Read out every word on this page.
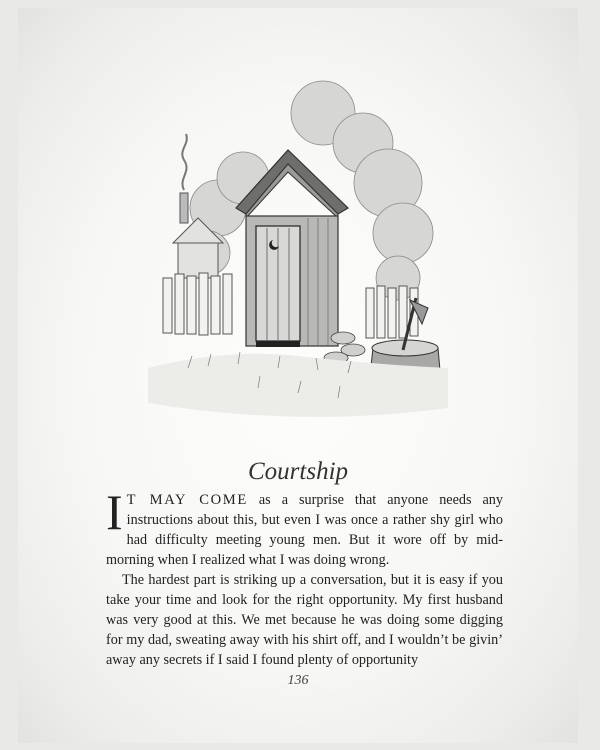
Courtship

I T MAY COME as a surprise that anyone needs any instructions about this, but even I was once a rather shy girl who had difficulty meeting young men. But it wore off by mid-morning when I realized what I was doing wrong.

The hardest part is striking up a conversation, but it is easy if you take your time and look for the right opportunity. My first husband was very good at this. We met because he was doing some digging for my dad, sweating away with his shirt off, and I wouldn’t be givin’ away any secrets if I said I found plenty of opportunity

136
